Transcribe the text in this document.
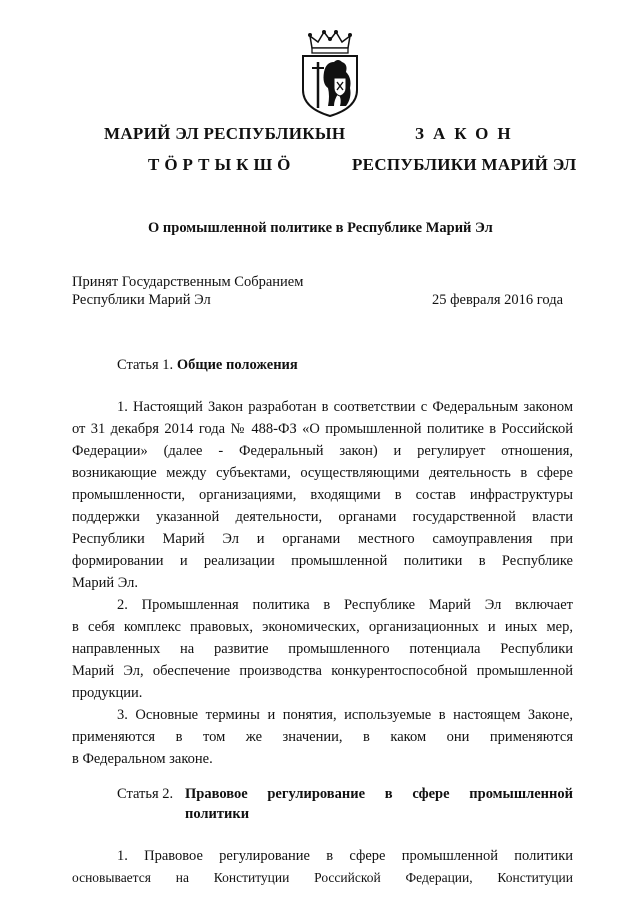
МАРИЙ ЭЛ РЕСПУБЛИКЫН
ТӦРТЫКШӦ
ЗАКОН
РЕСПУБЛИКИ МАРИЙ ЭЛ
О промышленной политике в Республике Марий Эл
Принят Государственным Собранием
Республики Марий Эл	25 февраля 2016 года
Статья 1. Общие положения
1. Настоящий Закон разработан в соответствии с Федеральным законом
от 31 декабря 2014 года № 488-ФЗ «О промышленной политике в Российской
Федерации» (далее - Федеральный закон) и регулирует отношения,
возникающие между субъектами, осуществляющими деятельность в сфере
промышленности, организациями, входящими в состав инфраструктуры
поддержки указанной деятельности, органами государственной власти
Республики Марий Эл и органами местного самоуправления при
формировании и реализации промышленной политики в Республике
Марий Эл.
2. Промышленная политика в Республике Марий Эл включает
в себя комплекс правовых, экономических, организационных и иных мер,
направленных на развитие промышленного потенциала Республики
Марий Эл, обеспечение производства конкурентоспособной промышленной
продукции.
3. Основные термины и понятия, используемые в настоящем Законе,
применяются в том же значении, в каком они применяются
в Федеральном законе.
Статья 2. Правовое регулирование в сфере промышленной
политики
1. Правовое регулирование в сфере промышленной политики
основывается на Конституции Российской Федерации, Конституции
